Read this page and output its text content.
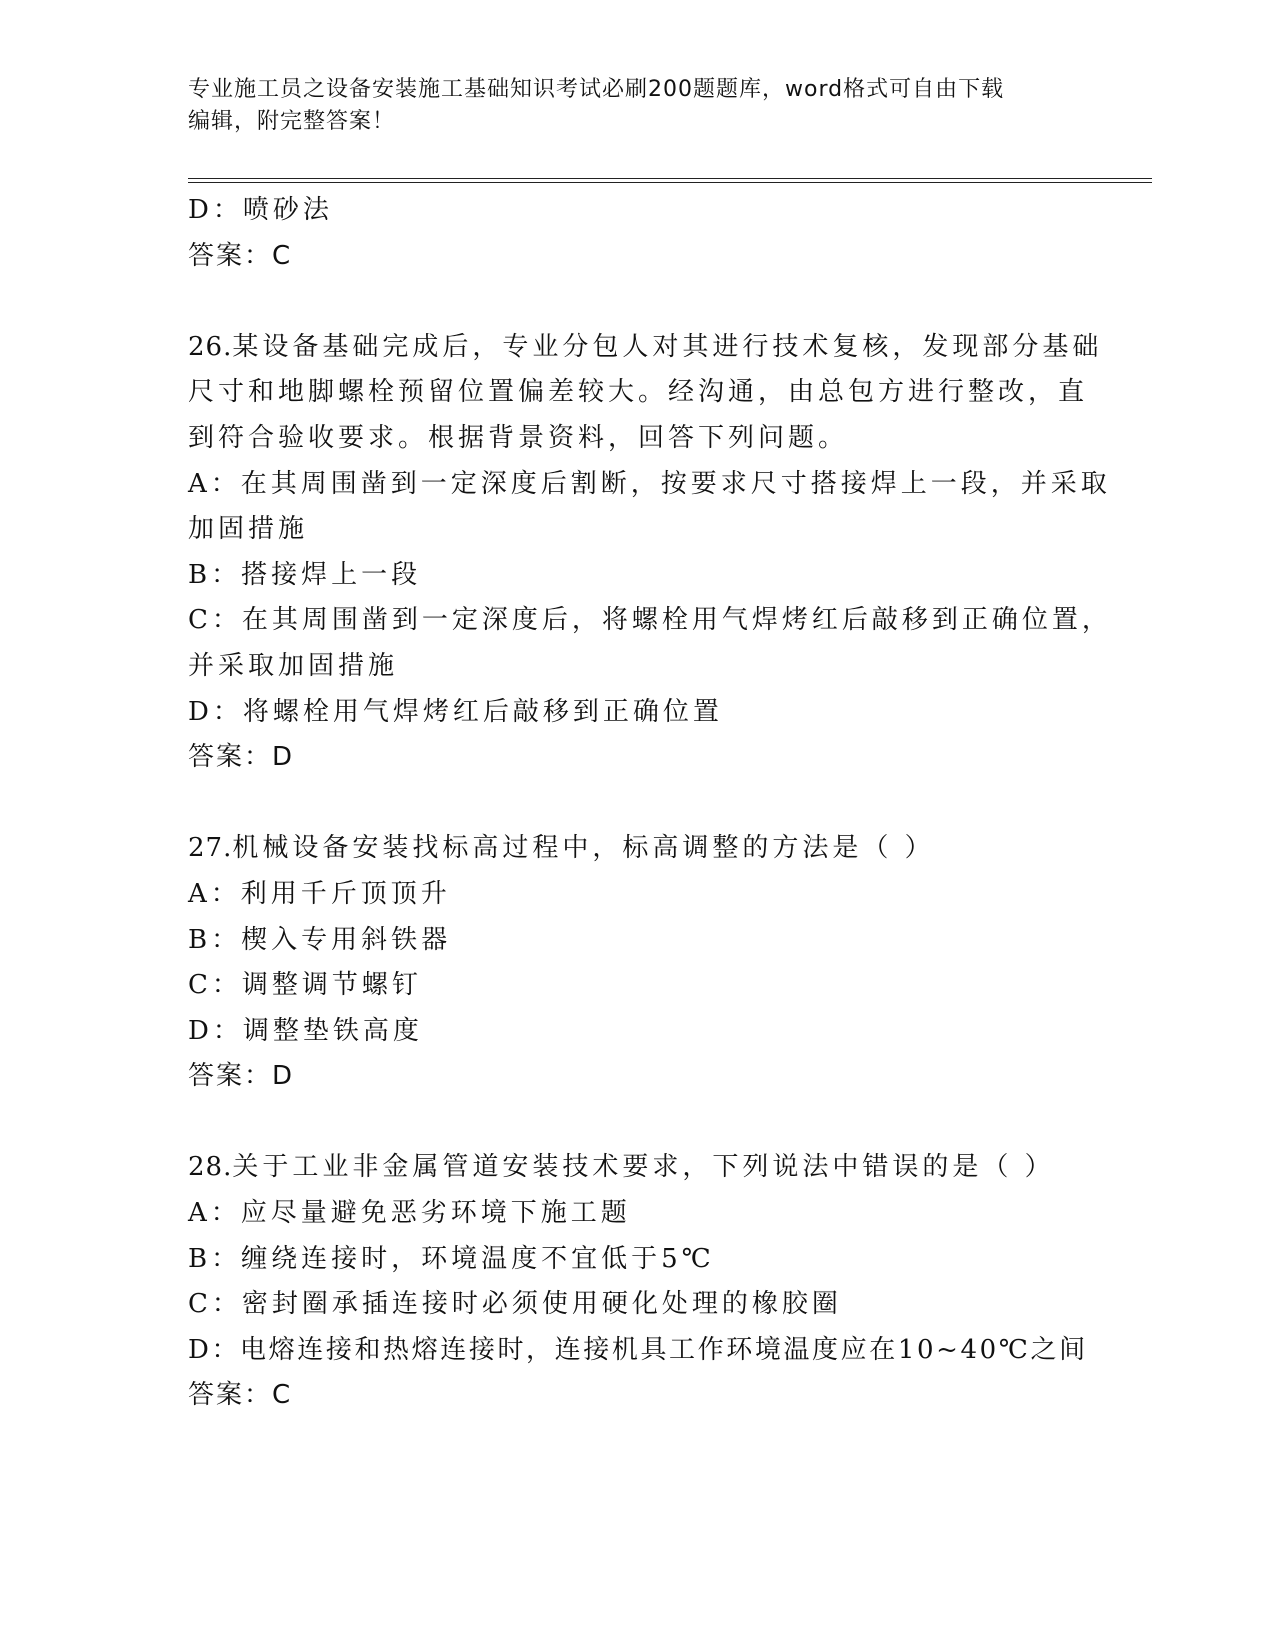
专业施工员之设备安装施工基础知识考试必刷200题题库，word格式可自由下载
编辑，附完整答案！
D：喷砂法
答案：C
26.某设备基础完成后，专业分包人对其进行技术复核，发现部分基础
尺寸和地脚螺栓预留位置偏差较大。经沟通，由总包方进行整改，直
到符合验收要求。根据背景资料，回答下列问题。
A：在其周围凿到一定深度后割断，按要求尺寸搭接焊上一段，并采取
加固措施
B：搭接焊上一段
C：在其周围凿到一定深度后，将螺栓用气焊烤红后敲移到正确位置，
并采取加固措施
D：将螺栓用气焊烤红后敲移到正确位置
答案：D
27.机械设备安装找标高过程中，标高调整的方法是（ ）
A：利用千斤顶顶升
B：楔入专用斜铁器
C：调整调节螺钉
D：调整垫铁高度
答案：D
28.关于工业非金属管道安装技术要求，下列说法中错误的是（ ）
A：应尽量避免恶劣环境下施工题
B：缠绕连接时，环境温度不宜低于5℃
C：密封圈承插连接时必须使用硬化处理的橡胶圈
D：电熔连接和热熔连接时，连接机具工作环境温度应在10~40℃之间
答案：C
